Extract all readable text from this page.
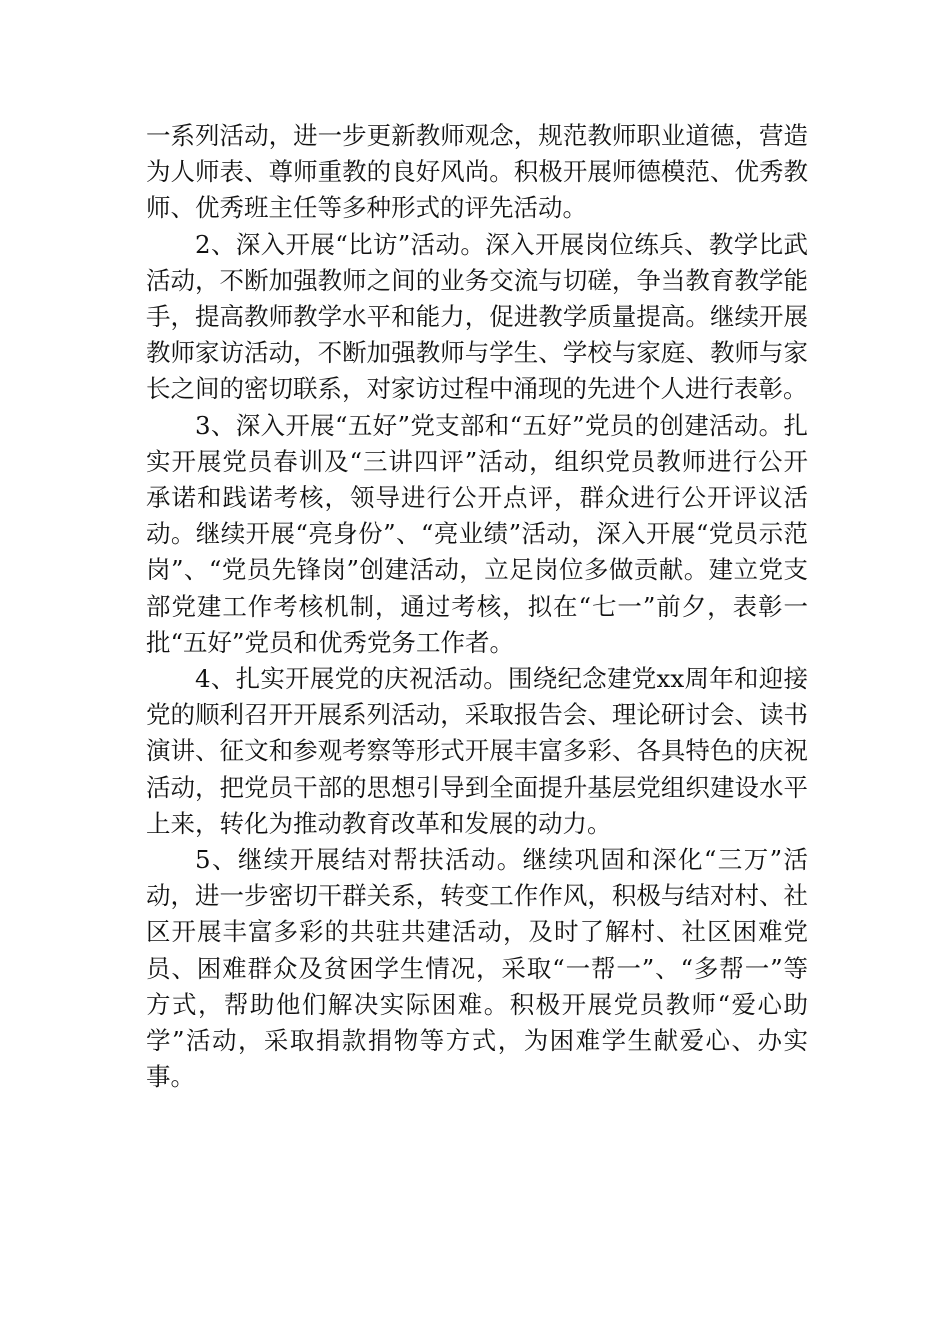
一系列活动，进一步更新教师观念，规范教师职业道德，营造为人师表、尊师重教的良好风尚。积极开展师德模范、优秀教师、优秀班主任等多种形式的评先活动。

2、深入开展“比访”活动。深入开展岗位练兵、教学比武活动，不断加强教师之间的业务交流与切磋，争当教育教学能手，提高教师教学水平和能力，促进教学质量提高。继续开展教师家访活动，不断加强教师与学生、学校与家庭、教师与家长之间的密切联系，对家访过程中涌现的先进个人进行表彰。

3、深入开展“五好”党支部和“五好”党员的创建活动。扎实开展党员春训及“三讲四评”活动，组织党员教师进行公开承诺和践诺考核，领导进行公开点评，群众进行公开评议活动。继续开展“亮身份”、“亮业绩”活动，深入开展“党员示范岗”、“党员先锋岗”创建活动，立足岗位多做贡献。建立党支部党建工作考核机制，通过考核，拟在“七一”前夕，表彰一批“五好”党员和优秀党务工作者。

4、扎实开展党的庆祝活动。围绕纪念建党xx周年和迎接党的顺利召开开展系列活动，采取报告会、理论研讨会、读书演讲、征文和参观考察等形式开展丰富多彩、各具特色的庆祝活动，把党员干部的思想引导到全面提升基层党组织建设水平上来，转化为推动教育改革和发展的动力。

5、继续开展结对帮扶活动。继续巩固和深化“三万”活动，进一步密切干群关系，转变工作作风，积极与结对村、社区开展丰富多彩的共驻共建活动，及时了解村、社区困难党员、困难群众及贫困学生情况，采取“一帮一”、“多帮一”等方式，帮助他们解决实际困难。积极开展党员教师“爱心助学”活动，采取捐款捐物等方式，为困难学生献爱心、办实事。
